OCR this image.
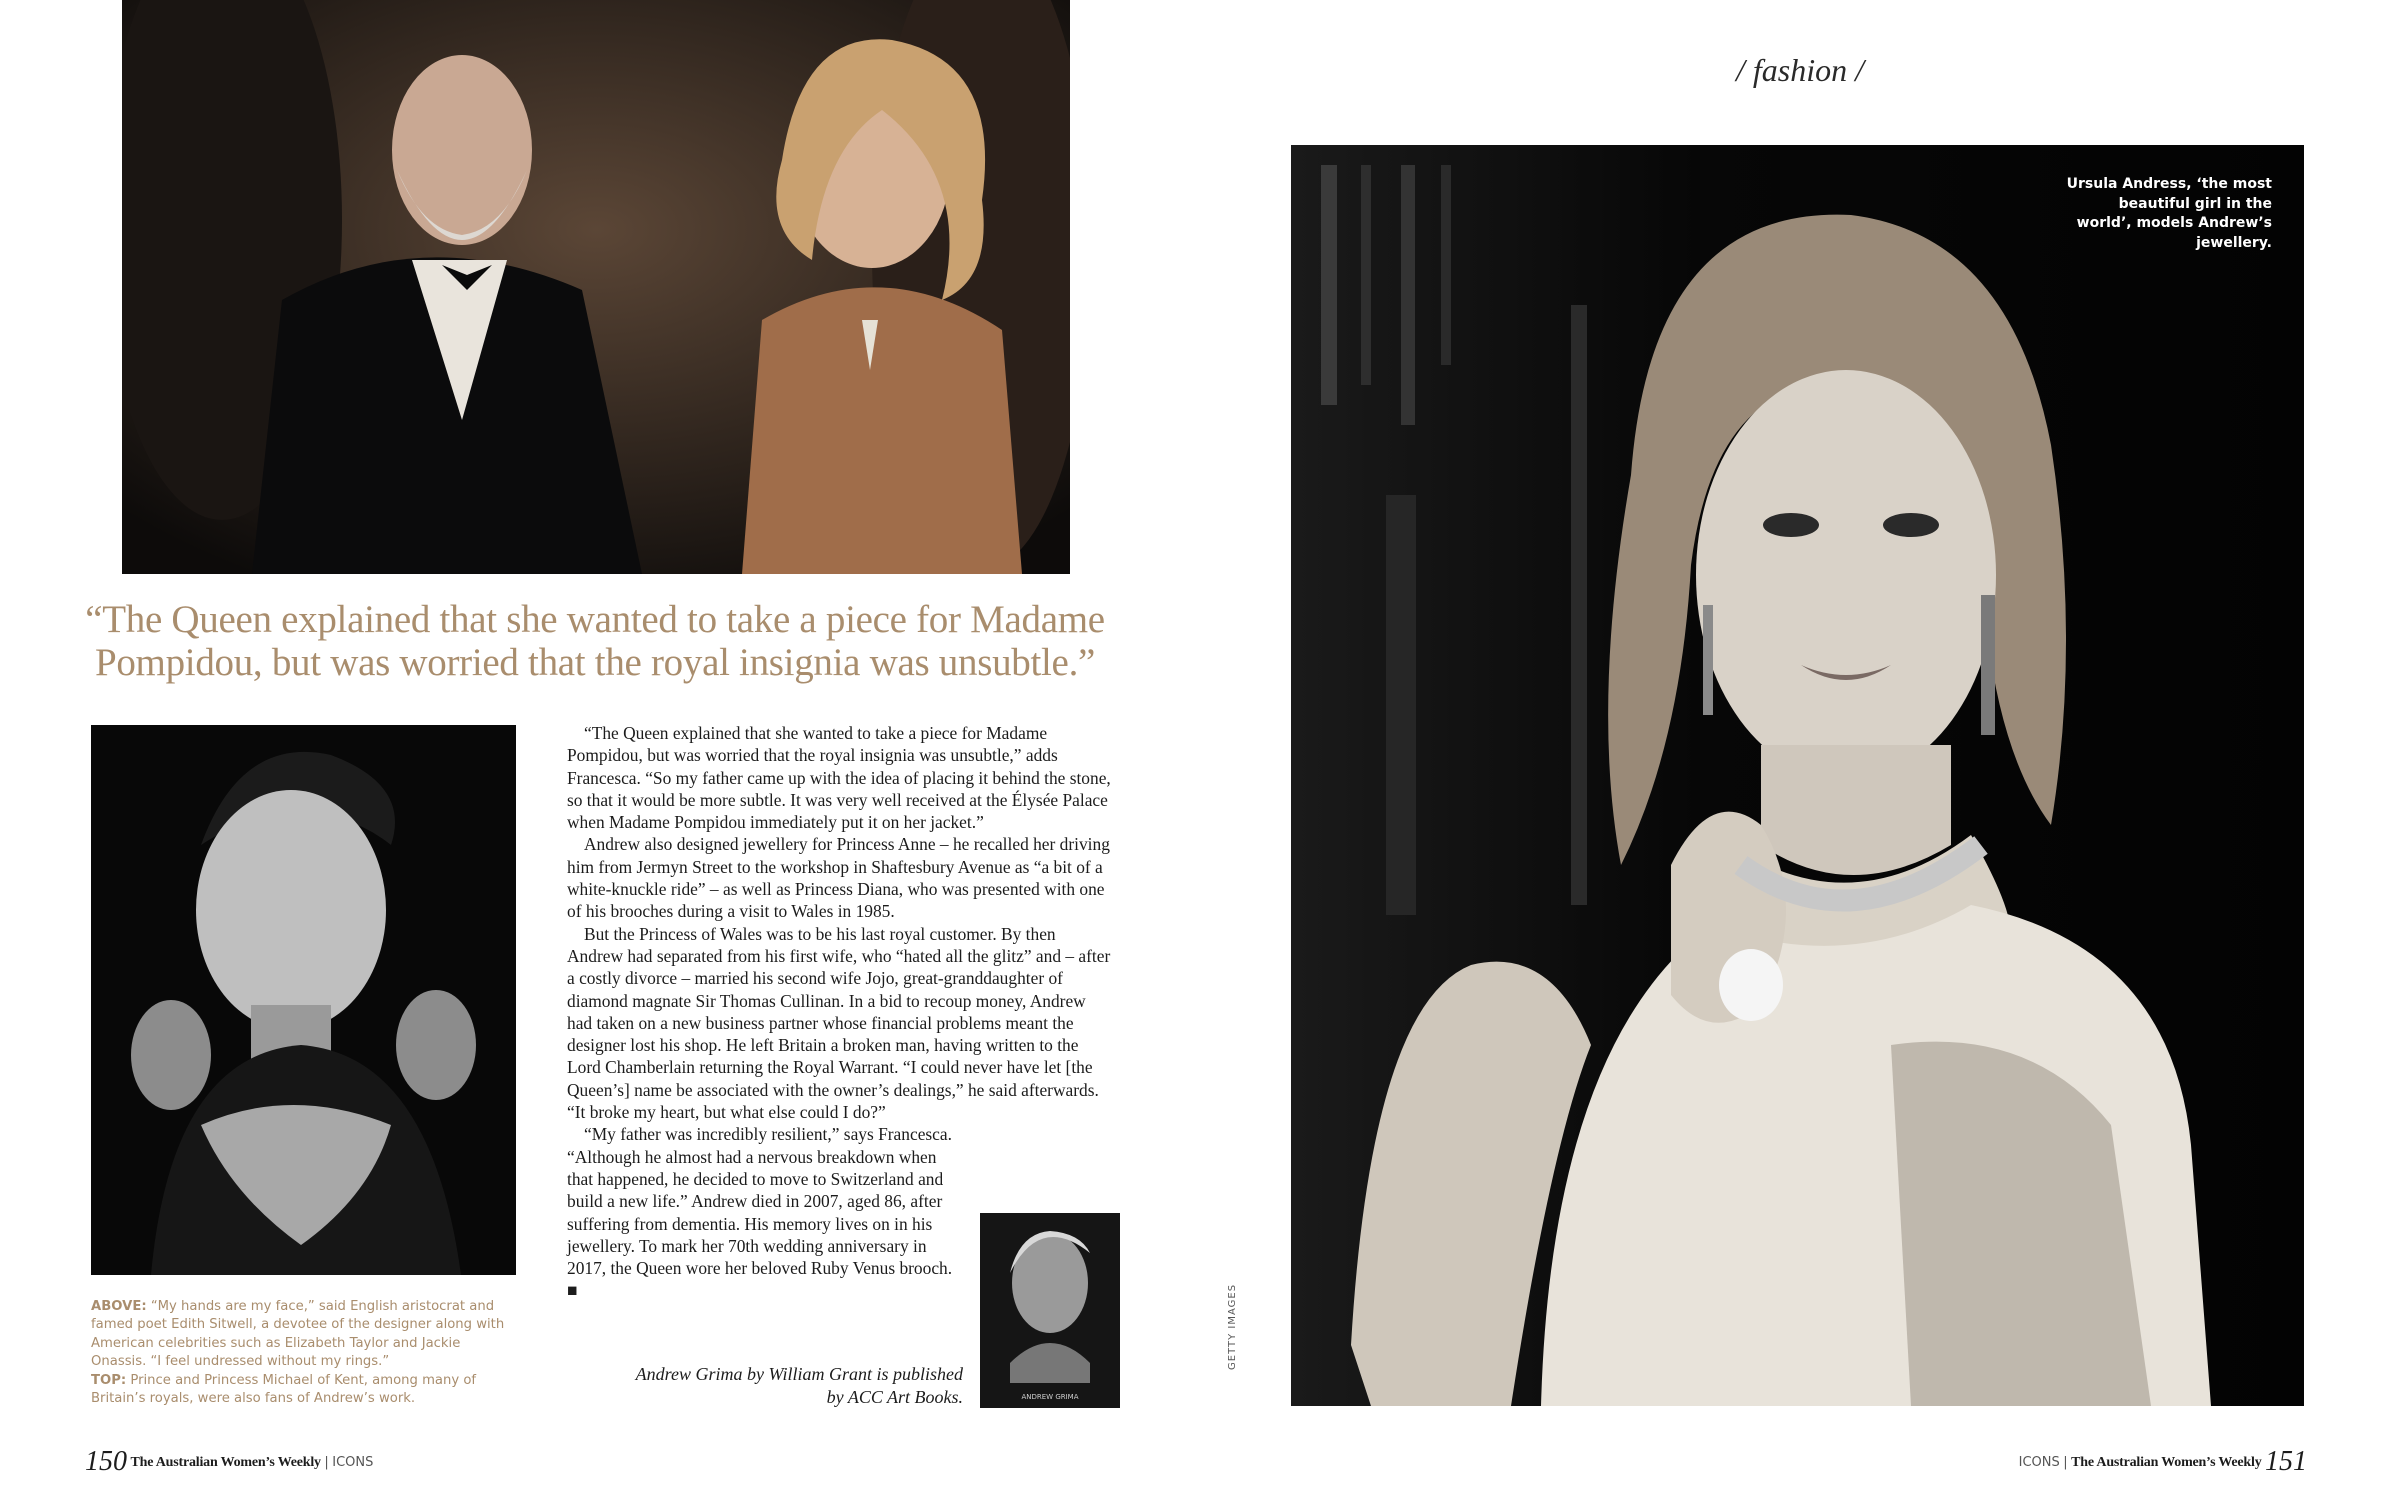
“The Queen explained that she wanted to take a piece for Madame Pompidou, but was worried that the royal insignia was unsubtle.”
ABOVE: “My hands are my face,” said English aristocrat and famed poet Edith Sitwell, a devotee of the designer along with American celebrities such as Elizabeth Taylor and Jackie Onassis. “I feel undressed without my rings.”
TOP: Prince and Princess Michael of Kent, among many of Britain’s royals, were also fans of Andrew’s work.

“The Queen explained that she wanted to take a piece for Madame Pompidou, but was worried that the royal insignia was unsubtle,” adds Francesca. “So my father came up with the idea of placing it behind the stone, so that it would be more subtle. It was very well received at the Élysée Palace when Madame Pompidou immediately put it on her jacket.”

Andrew also designed jewellery for Princess Anne – he recalled her driving him from Jermyn Street to the workshop in Shaftesbury Avenue as “a bit of a white-knuckle ride” – as well as Princess Diana, who was presented with one of his brooches during a visit to Wales in 1985.

But the Princess of Wales was to be his last royal customer. By then Andrew had separated from his first wife, who “hated all the glitz” and – after a costly divorce – married his second wife Jojo, great-granddaughter of diamond magnate Sir Thomas Cullinan. In a bid to recoup money, Andrew had taken on a new business partner whose financial problems meant the designer lost his shop. He left Britain a broken man, having written to the Lord Chamberlain returning the Royal Warrant. “I could never have let [the Queen’s] name be associated with the owner’s dealings,” he said afterwards. “It broke my heart, but what else could I do?”

“My father was incredibly resilient,” says Francesca. “Although he almost had a nervous breakdown when that happened, he decided to move to Switzerland and build a new life.” Andrew died in 2007, aged 86, after suffering from dementia. His memory lives on in his jewellery. To mark her 70th wedding anniversary in 2017, the Queen wore her beloved Ruby Venus brooch. ■

ANDREW GRIMA
Andrew Grima by William Grant is published by ACC Art Books.
150 The Australian Women’s Weekly | ICONS	ICONS | The Australian Women’s Weekly 151
GETTY IMAGES
/ fashion /
Ursula Andress, ‘the most beautiful girl in the world’, models Andrew’s jewellery.
